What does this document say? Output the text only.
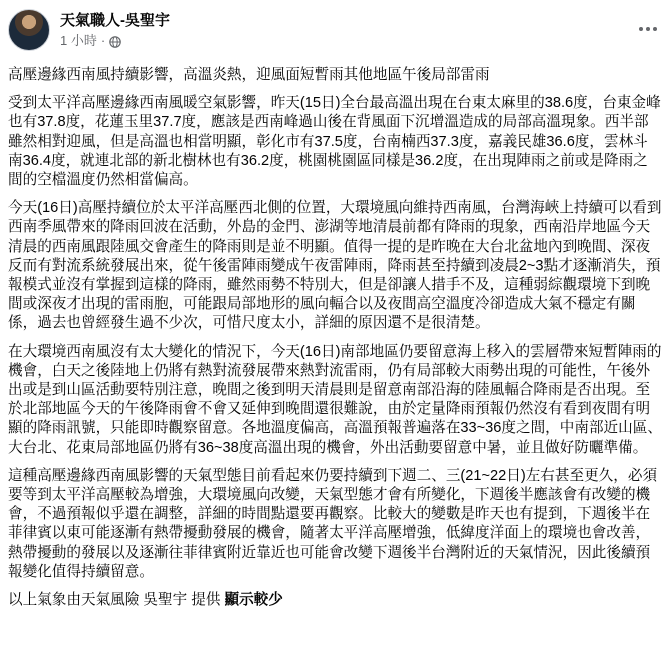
天氣職人-吳聖宇
1 小時 ·

高壓邊緣西南風持續影響，高溫炎熱，迎風面短暫雨其他地區午後局部雷雨

受到太平洋高壓邊緣西南風暖空氣影響，昨天(15日)全台最高溫出現在台東太麻里的38.6度，台東金峰也有37.8度，花蓮玉里37.7度，應該是西南峰過山後在背風面下沉增溫造成的局部高溫現象。西半部雖然相對迎風，但是高溫也相當明顯，彰化市有37.5度，台南楠西37.3度，嘉義民雄36.6度，雲林斗南36.4度，就連北部的新北樹林也有36.2度，桃園桃園區同樣是36.2度，在出現陣雨之前或是降雨之間的空檔溫度仍然相當偏高。

今天(16日)高壓持續位於太平洋高壓西北側的位置，大環境風向維持西南風，台灣海峽上持續可以看到西南季風帶來的降雨回波在活動，外島的金門、澎湖等地清晨前都有降雨的現象，西南沿岸地區今天清晨的西南風跟陸風交會產生的降雨則是並不明顯。值得一提的是昨晚在大台北盆地內到晚間、深夜反而有對流系統發展出來，從午後雷陣雨變成午夜雷陣雨，降雨甚至持續到凌晨2~3點才逐漸消失，預報模式並沒有掌握到這樣的降雨，雖然雨勢不特別大，但是卻讓人措手不及，這種弱綜觀環境下到晚間或深夜才出現的雷雨胞，可能跟局部地形的風向輻合以及夜間高空溫度冷卻造成大氣不穩定有關係，過去也曾經發生過不少次，可惜尺度太小，詳細的原因還不是很清楚。

在大環境西南風沒有太大變化的情況下，今天(16日)南部地區仍要留意海上移入的雲層帶來短暫陣雨的機會，白天之後陸地上仍將有熱對流發展帶來熱對流雷雨，仍有局部較大雨勢出現的可能性，午後外出或是到山區活動要特別注意，晚間之後到明天清晨則是留意南部沿海的陸風輻合降雨是否出現。至於北部地區今天的午後降雨會不會又延伸到晚間還很難說，由於定量降雨預報仍然沒有看到夜間有明顯的降雨訊號，只能即時觀察留意。各地溫度偏高，高溫預報普遍落在33~36度之間，中南部近山區、大台北、花東局部地區仍將有36~38度高溫出現的機會，外出活動要留意中暑，並且做好防曬準備。

這種高壓邊緣西南風影響的天氣型態目前看起來仍要持續到下週二、三(21~22日)左右甚至更久，必須要等到太平洋高壓較為增強，大環境風向改變，天氣型態才會有所變化，下週後半應該會有改變的機會，不過預報似乎還在調整，詳細的時間點還要再觀察。比較大的變數是昨天也有提到，下週後半在菲律賓以東可能逐漸有熱帶擾動發展的機會，隨著太平洋高壓增強，低緯度洋面上的環境也會改善，熱帶擾動的發展以及逐漸往菲律賓附近靠近也可能會改變下週後半台灣附近的天氣情況，因此後續預報變化值得持續留意。

以上氣象由天氣風險 吳聖宇 提供 顯示較少
